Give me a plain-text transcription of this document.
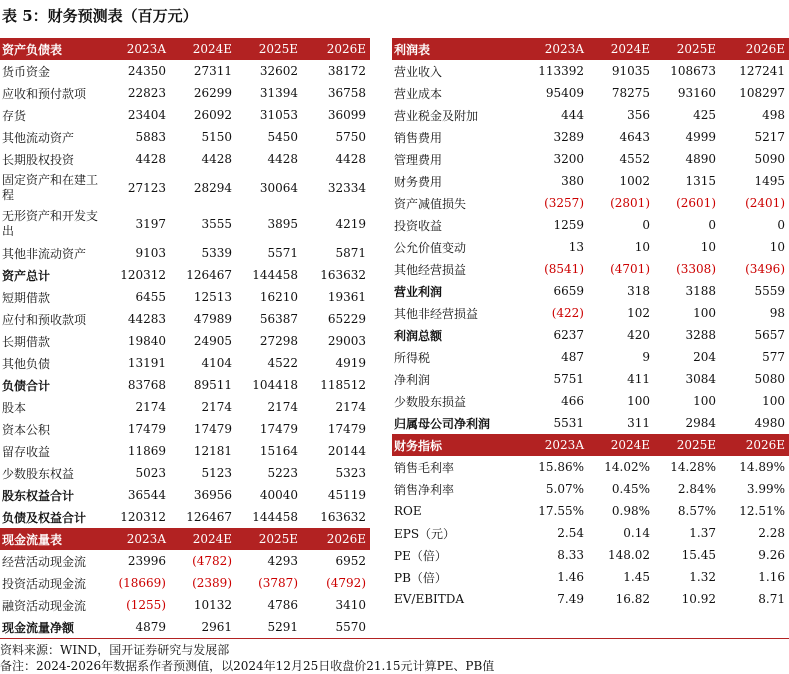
表 5：财务预测表（百万元）
资产负债表	2023A	2024E	2025E	2026E
货币资金	24350	27311	32602	38172
应收和预付款项	22823	26299	31394	36758
存货	23404	26092	31053	36099
其他流动资产	5883	5150	5450	5750
长期股权投资	4428	4428	4428	4428
固定资产和在建工程	27123	28294	30064	32334
无形资产和开发支出	3197	3555	3895	4219
其他非流动资产	9103	5339	5571	5871
资产总计	120312	126467	144458	163632
短期借款	6455	12513	16210	19361
应付和预收款项	44283	47989	56387	65229
长期借款	19840	24905	27298	29003
其他负债	13191	4104	4522	4919
负债合计	83768	89511	104418	118512
股本	2174	2174	2174	2174
资本公积	17479	17479	17479	17479
留存收益	11869	12181	15164	20144
少数股东权益	5023	5123	5223	5323
股东权益合计	36544	36956	40040	45119
负债及权益合计	120312	126467	144458	163632
现金流量表	2023A	2024E	2025E	2026E
经营活动现金流	23996	(4782)	4293	6952
投资活动现金流	(18669)	(2389)	(3787)	(4792)
融资活动现金流	(1255)	10132	4786	3410
现金流量净额	4879	2961	5291	5570
利润表	2023A	2024E	2025E	2026E
营业收入	113392	91035	108673	127241
营业成本	95409	78275	93160	108297
营业税金及附加	444	356	425	498
销售费用	3289	4643	4999	5217
管理费用	3200	4552	4890	5090
财务费用	380	1002	1315	1495
资产减值损失	(3257)	(2801)	(2601)	(2401)
投资收益	1259	0	0	0
公允价值变动	13	10	10	10
其他经营损益	(8541)	(4701)	(3308)	(3496)
营业利润	6659	318	3188	5559
其他非经营损益	(422)	102	100	98
利润总额	6237	420	3288	5657
所得税	487	9	204	577
净利润	5751	411	3084	5080
少数股东损益	466	100	100	100
归属母公司净利润	5531	311	2984	4980
财务指标	2023A	2024E	2025E	2026E
销售毛利率	15.86%	14.02%	14.28%	14.89%
销售净利率	5.07%	0.45%	2.84%	3.99%
ROE	17.55%	0.98%	8.57%	12.51%
EPS（元）	2.54	0.14	1.37	2.28
PE（倍）	8.33	148.02	15.45	9.26
PB（倍）	1.46	1.45	1.32	1.16
EV/EBITDA	7.49	16.82	10.92	8.71
资料来源：WIND，国开证券研究与发展部
备注：2024-2026年数据系作者预测值，以2024年12月25日收盘价21.15元计算PE、PB值
